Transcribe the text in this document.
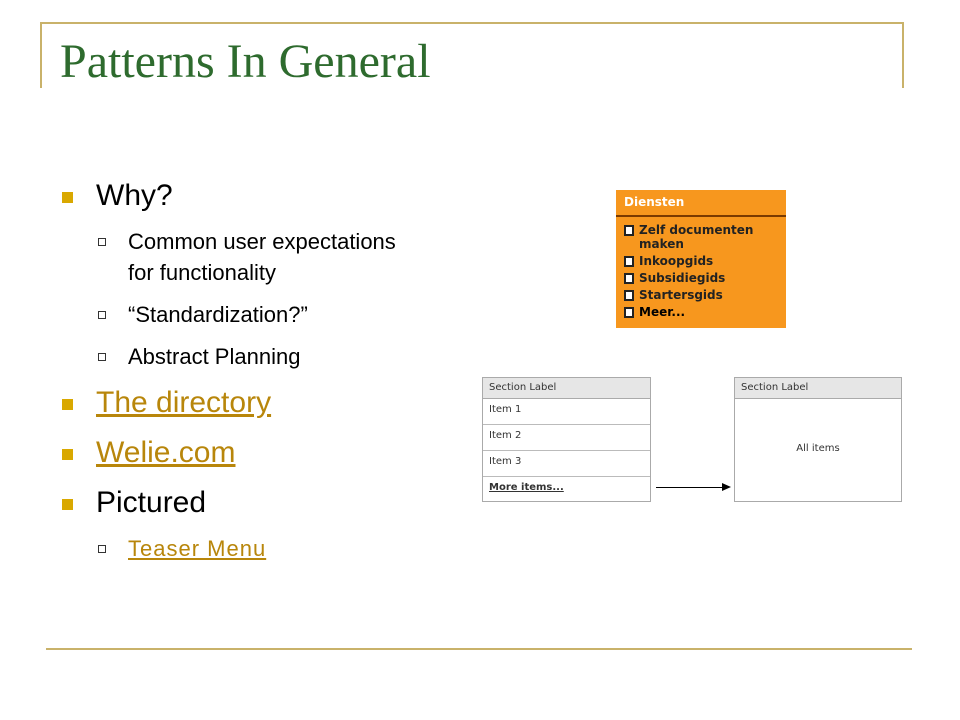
Patterns In General
Why?
Common user expectations for functionality
“Standardization?”
Abstract Planning
The directory
Welie.com
Pictured
Teaser Menu
Diensten
Zelf documenten maken
Inkoopgids
Subsidiegids
Startersgids
Meer...
Section Label
Item 1
Item 2
Item 3
More items...
Section Label
All items
